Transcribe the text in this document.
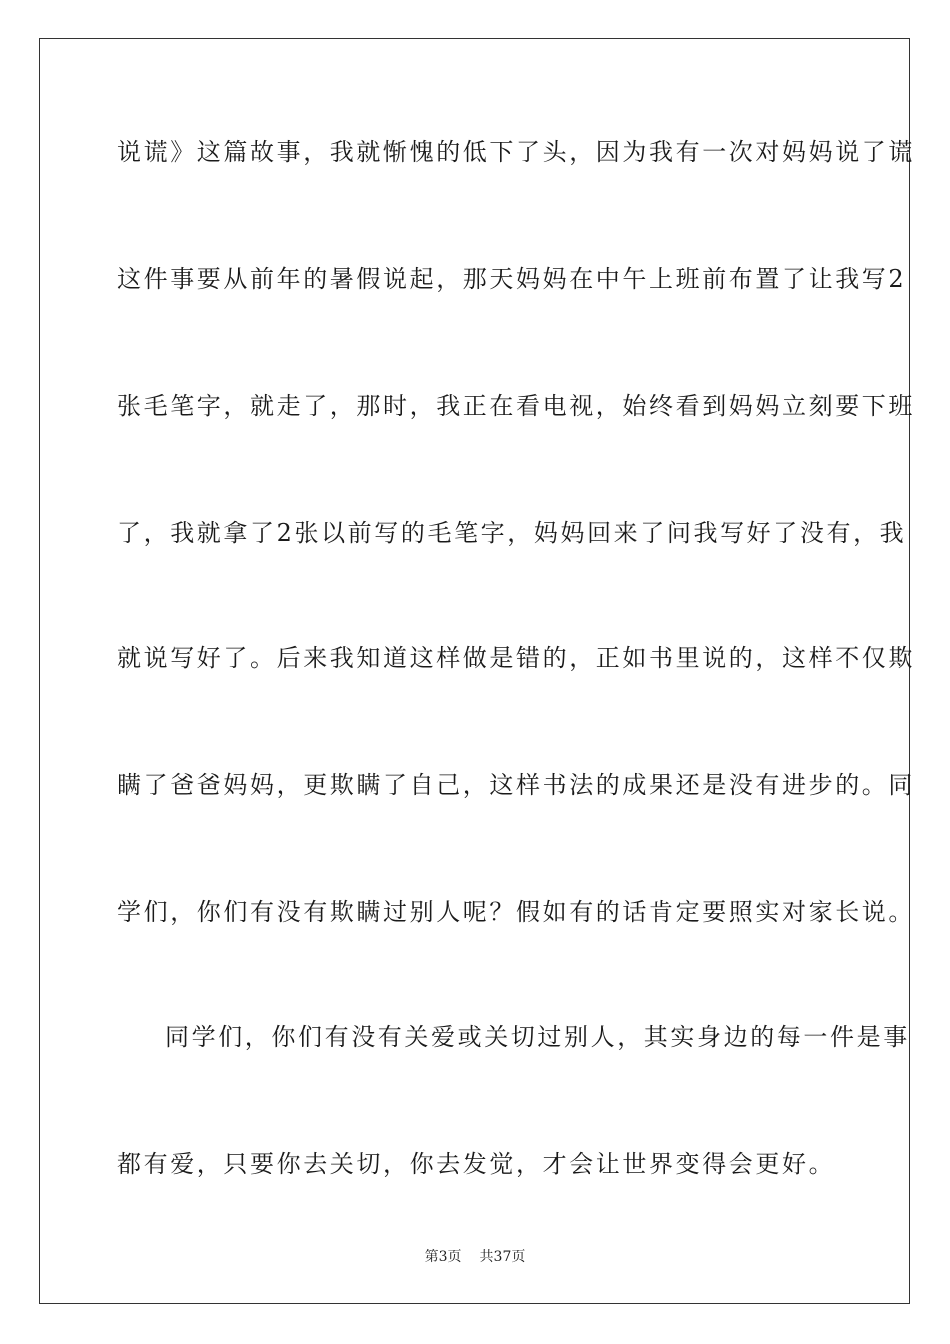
说谎》这篇故事，我就惭愧的低下了头，因为我有一次对妈妈说了谎
这件事要从前年的暑假说起，那天妈妈在中午上班前布置了让我写2
张毛笔字，就走了，那时，我正在看电视，始终看到妈妈立刻要下班
了，我就拿了2张以前写的毛笔字，妈妈回来了问我写好了没有，我
就说写好了。后来我知道这样做是错的，正如书里说的，这样不仅欺
瞒了爸爸妈妈，更欺瞒了自己，这样书法的成果还是没有进步的。同
学们，你们有没有欺瞒过别人呢？假如有的话肯定要照实对家长说。
同学们，你们有没有关爱或关切过别人，其实身边的每一件是事
都有爱，只要你去关切，你去发觉，才会让世界变得会更好。
第3页 共37页
